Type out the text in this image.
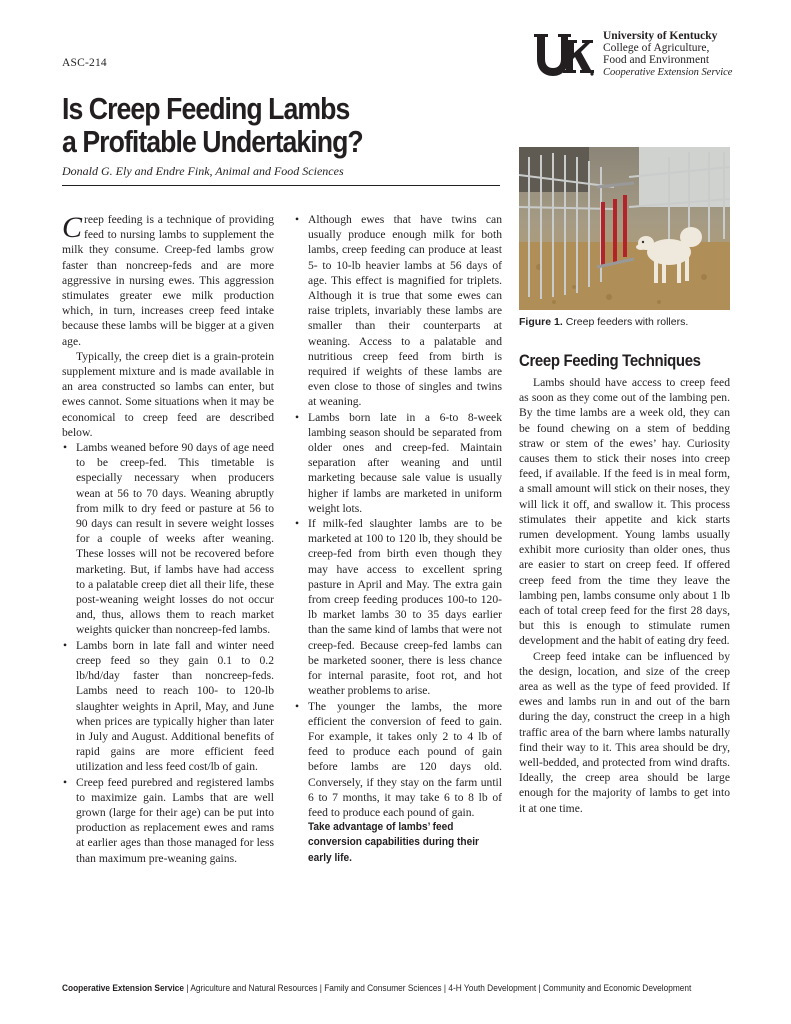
ASC-214
University of Kentucky
College of Agriculture,
Food and Environment
Cooperative Extension Service
Is Creep Feeding Lambs
a Profitable Undertaking?
Donald G. Ely and Endre Fink, Animal and Food Sciences

Creep feeding is a technique of providing feed to nursing lambs to supplement the milk they consume. Creep-fed lambs grow faster than noncreep-feds and are more aggressive in nursing ewes. This aggression stimulates greater ewe milk production which, in turn, increases creep feed intake because these lambs will be bigger at a given age.

Typically, the creep diet is a grain-protein supplement mixture and is made available in an area constructed so lambs can enter, but ewes cannot. Some situations when it may be economical to creep feed are described below.

• Lambs weaned before 90 days of age need to be creep-fed. This timetable is especially necessary when producers wean at 56 to 70 days. Weaning abruptly from milk to dry feed or pasture at 56 to 90 days can result in severe weight losses for a couple of weeks after weaning. These losses will not be recovered before marketing. But, if lambs have had access to a palatable creep diet all their life, these post-weaning weight losses do not occur and, thus, allows them to reach market weights quicker than noncreep-fed lambs.
• Lambs born in late fall and winter need creep feed so they gain 0.1 to 0.2 lb/hd/day faster than noncreep-feds. Lambs need to reach 100- to 120-lb slaughter weights in April, May, and June when prices are typically higher than later in July and August. Additional benefits of rapid gains are more efficient feed utilization and less feed cost/lb of gain.
• Creep feed purebred and registered lambs to maximize gain. Lambs that are well grown (large for their age) can be put into production as replacement ewes and rams at earlier ages than those managed for less than maximum pre-weaning gains.
• Although ewes that have twins can usually produce enough milk for both lambs, creep feeding can produce at least 5- to 10-lb heavier lambs at 56 days of age. This effect is magnified for triplets. Although it is true that some ewes can raise triplets, invariably these lambs are smaller than their counterparts at weaning. Access to a palatable and nutritious creep feed from birth is required if weights of these lambs are even close to those of singles and twins at weaning.
• Lambs born late in a 6-to 8-week lambing season should be separated from older ones and creep-fed. Maintain separation after weaning and until marketing because sale value is usually higher if lambs are marketed in uniform weight lots.
• If milk-fed slaughter lambs are to be marketed at 100 to 120 lb, they should be creep-fed from birth even though they may have access to excellent spring pasture in April and May. The extra gain from creep feeding produces 100-to 120-lb market lambs 30 to 35 days earlier than the same kind of lambs that were not creep-fed. Because creep-fed lambs can be marketed sooner, there is less chance for internal parasite, foot rot, and hot weather problems to arise.
• The younger the lambs, the more efficient the conversion of feed to gain. For example, it takes only 2 to 4 lb of feed to produce each pound of gain before lambs are 120 days old. Conversely, if they stay on the farm until 6 to 7 months, it may take 6 to 8 lb of feed to produce each pound of gain.
Take advantage of lambs’ feed conversion capabilities during their early life.
Figure 1. Creep feeders with rollers.
Creep Feeding Techniques

Lambs should have access to creep feed as soon as they come out of the lambing pen. By the time lambs are a week old, they can be found chewing on a stem of bedding straw or stem of the ewes’ hay. Curiosity causes them to stick their noses into creep feed, if available. If the feed is in meal form, a small amount will stick on their noses, they will lick it off, and swallow it. This process stimulates their appetite and kick starts rumen development. Young lambs usually exhibit more curiosity than older ones, thus are easier to start on creep feed. If offered creep feed from the time they leave the lambing pen, lambs consume only about 1 lb each of total creep feed for the first 28 days, but this is enough to stimulate rumen development and the habit of eating dry feed.

Creep feed intake can be influenced by the design, location, and size of the creep area as well as the type of feed provided. If ewes and lambs run in and out of the barn during the day, construct the creep in a high traffic area of the barn where lambs naturally find their way to it. This area should be dry, well-bedded, and protected from wind drafts. Ideally, the creep area should be large enough for the majority of lambs to get into it at one time.

Cooperative Extension Service | Agriculture and Natural Resources | Family and Consumer Sciences | 4-H Youth Development | Community and Economic Development
